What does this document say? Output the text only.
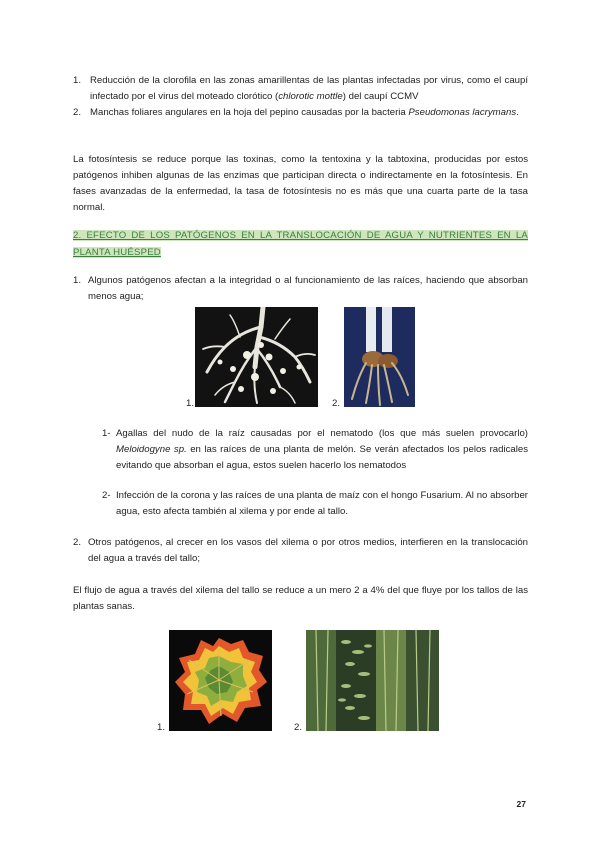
1. Reducción de la clorofila en las zonas amarillentas de las plantas infectadas por virus, como el caupí infectado por el virus del moteado clorótico (chlorotic mottle) del caupí CCMV
2. Manchas foliares angulares en la hoja del pepino causadas por la bacteria Pseudomonas lacrymans.

La fotosíntesis se reduce porque las toxinas, como la tentoxina y la tabtoxina, producidas por estos patógenos inhiben algunas de las enzimas que participan directa o indirectamente en la fotosíntesis. En fases avanzadas de la enfermedad, la tasa de fotosíntesis no es más que una cuarta parte de la tasa normal.

2. EFECTO DE LOS PATÓGENOS EN LA TRANSLOCACIÓN DE AGUA Y NUTRIENTES EN LA PLANTA HUÉSPED
1. Algunos patógenos afectan a la integridad o al funcionamiento de las raíces, haciendo que absorban menos agua;
1.	2.
1- Agallas del nudo de la raíz causadas por el nematodo (los que más suelen provocarlo) Meloidogyne sp. en las raíces de una planta de melón. Se verán afectados los pelos radicales evitando que absorban el agua, estos suelen hacerlo los nematodos
2- Infección de la corona y las raíces de una planta de maíz con el hongo Fusarium. Al no absorber agua, esto afecta también al xilema y por ende al tallo.
2. Otros patógenos, al crecer en los vasos del xilema o por otros medios, interfieren en la translocación del agua a través del tallo;

El flujo de agua a través del xilema del tallo se reduce a un mero 2 a 4% del que fluye por los tallos de las plantas sanas.

1.	2.
27
